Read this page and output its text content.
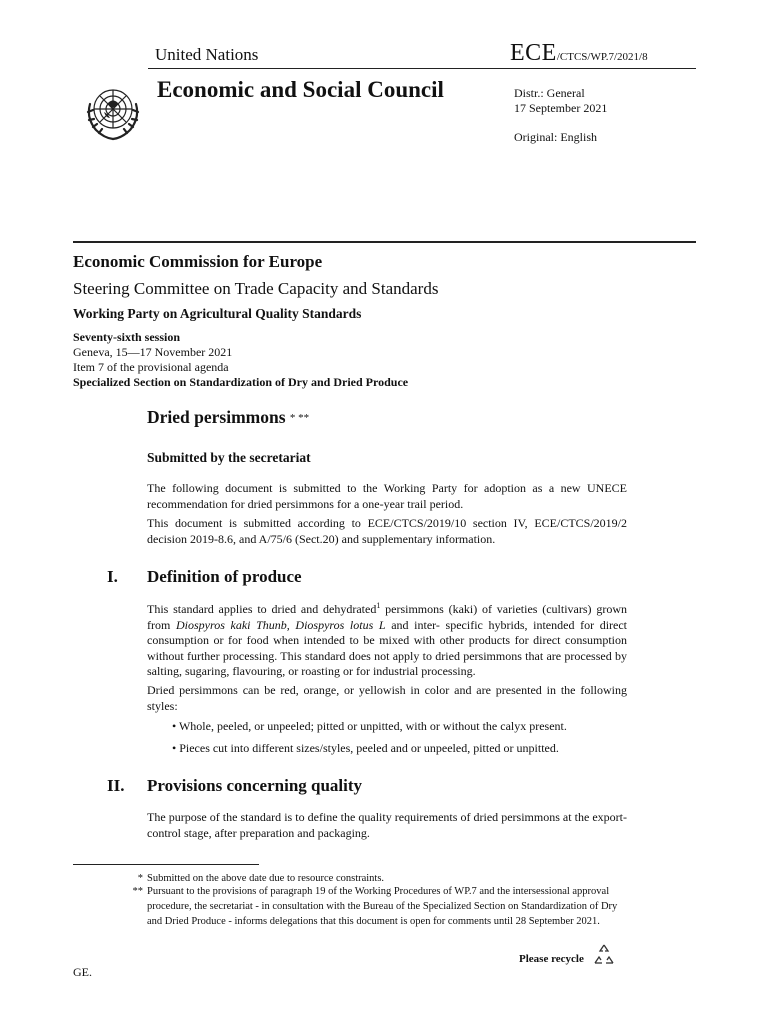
United Nations	ECE/CTCS/WP.7/2021/8
Economic and Social Council	Distr.: General
17 September 2021
Original: English
Economic Commission for Europe
Steering Committee on Trade Capacity and Standards
Working Party on Agricultural Quality Standards
Seventy-sixth session
Geneva, 15—17 November 2021
Item 7 of the provisional agenda
Specialized Section on Standardization of Dry and Dried Produce
Dried persimmons * **
Submitted by the secretariat
The following document is submitted to the Working Party for adoption as a new UNECE recommendation for dried persimmons for a one-year trail period.
This document is submitted according to ECE/CTCS/2019/10 section IV, ECE/CTCS/2019/2 decision 2019-8.6, and A/75/6 (Sect.20) and supplementary information.
I. Definition of produce
This standard applies to dried and dehydrated$^1$ persimmons (kaki) of varieties (cultivars) grown from Diospyros kaki Thunb, Diospyros lotus L and inter- specific hybrids, intended for direct consumption or for food when intended to be mixed with other products for direct consumption without further processing. This standard does not apply to dried persimmons that are processed by salting, sugaring, flavouring, or roasting or for industrial processing.
Dried persimmons can be red, orange, or yellowish in color and are presented in the following styles:
• Whole, peeled, or unpeeled; pitted or unpitted, with or without the calyx present.
• Pieces cut into different sizes/styles, peeled and or unpeeled, pitted or unpitted.
II. Provisions concerning quality
The purpose of the standard is to define the quality requirements of dried persimmons at the export-control stage, after preparation and packaging.
* Submitted on the above date due to resource constraints.
** Pursuant to the provisions of paragraph 19 of the Working Procedures of WP.7 and the intersessional approval procedure, the secretariat - in consultation with the Bureau of the Specialized Section on Standardization of Dry and Dried Produce - informs delegations that this document is open for comments until 28 September 2021.
GE.
Please recycle
